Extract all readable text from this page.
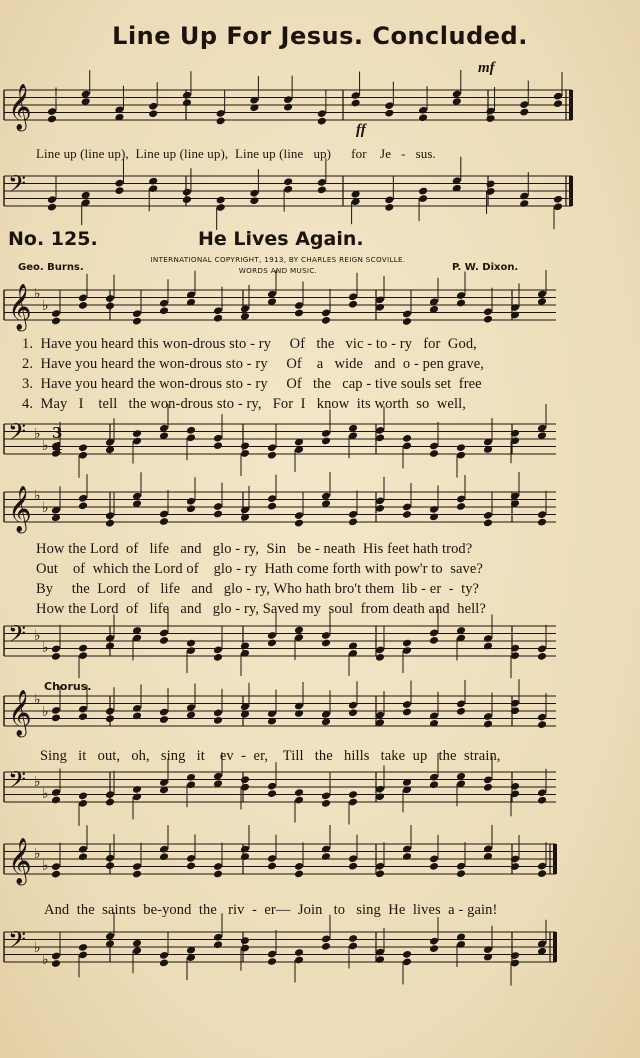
Line Up For Jesus. Concluded.
𝄞
mf
ff
Line up (line up),  Line up (line up),  Line up (line   up)      for    Je   -   sus.
𝄢
No. 125.	He Lives Again.
Geo. Burns.	P. W. Dixon.
INTERNATIONAL COPYRIGHT, 1913, BY CHARLES REIGN SCOVILLE.
WORDS AND MUSIC.
𝄞 ♭
♭
1.  Have you heard this won-drous sto - ry     Of   the   vic - to - ry   for  God,
2.  Have you heard the won-drous sto - ry     Of    a   wide   and  o - pen grave,
3.  Have you heard the won-drous sto - ry     Of   the   cap - tive souls set  free
4.  May   I    tell   the won-drous sto - ry,   For  I   know  its worth  so  well,
𝄢 ♭
♭
3
4
𝄞 ♭
♭
How the Lord  of   life   and   glo - ry,  Sin   be - neath  His feet hath trod?
Out    of  which the Lord of    glo - ry  Hath come forth with pow'r to  save?
By     the  Lord   of   life   and   glo - ry, Who hath bro't them  lib - er  -  ty?
How the Lord  of   life   and   glo - ry, Saved my  soul  from death and  hell?
𝄢 ♭
♭
Chorus.
𝄞 ♭
♭
Sing   it   out,   oh,   sing   it    ev  -  er,    Till   the   hills   take  up   the  strain,
𝄢 ♭
♭
𝄞 ♭
♭
And  the  saints  be-yond  the   riv  -  er—  Join   to   sing  He  lives  a - gain!
𝄢 ♭
♭
